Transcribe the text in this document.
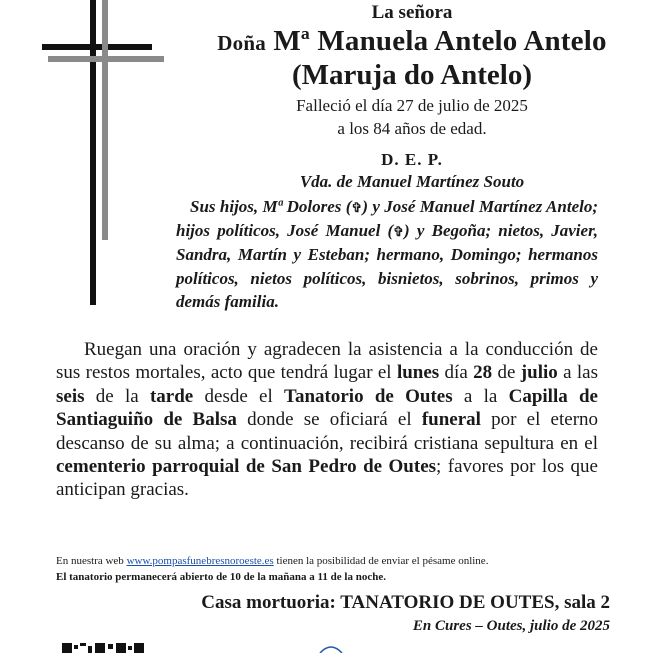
La señora
Doña Mª Manuela Antelo Antelo
(Maruja do Antelo)
Falleció el día 27 de julio de 2025
a los 84 años de edad.
D. E. P.
Vda. de Manuel Martínez Souto
Sus hijos, Mª Dolores (✞) y José Manuel Martínez Antelo; hijos políticos, José Manuel (✞) y Begoña; nietos, Javier, Sandra, Martín y Esteban; hermano, Domingo; hermanos políticos, nietos políticos, bisnietos, sobrinos, primos y demás familia.
Ruegan una oración y agradecen la asistencia a la conducción de sus restos mortales, acto que tendrá lugar el lunes día 28 de julio a las seis de la tarde desde el Tanatorio de Outes a la Capilla de Santiaguiño de Balsa donde se oficiará el funeral por el eterno descanso de su alma; a continuación, recibirá cristiana sepultura en el cementerio parroquial de San Pedro de Outes; favores por los que anticipan gracias.
En nuestra web www.pompasfunebresnoroeste.es tienen la posibilidad de enviar el pésame online.
El tanatorio permanecerá abierto de 10 de la mañana a 11 de la noche.
Casa mortuoria: TANATORIO DE OUTES, sala 2
En Cures – Outes, julio de 2025
